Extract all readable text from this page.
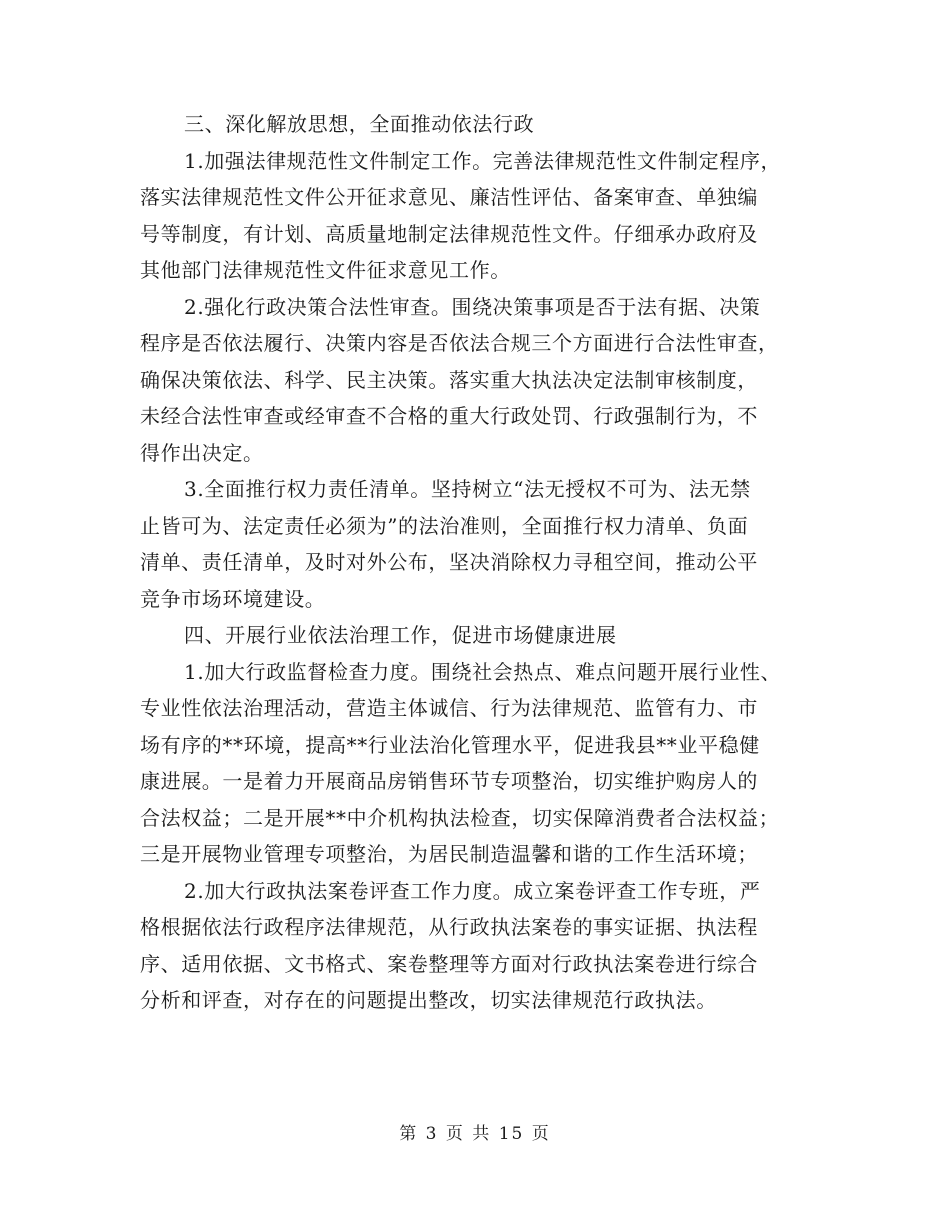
三、深化解放思想，全面推动依法行政
1.加强法律规范性文件制定工作。完善法律规范性文件制定程序，
落实法律规范性文件公开征求意见、廉洁性评估、备案审查、单独编
号等制度，有计划、高质量地制定法律规范性文件。仔细承办政府及
其他部门法律规范性文件征求意见工作。
2.强化行政决策合法性审查。围绕决策事项是否于法有据、决策
程序是否依法履行、决策内容是否依法合规三个方面进行合法性审查，
确保决策依法、科学、民主决策。落实重大执法决定法制审核制度，
未经合法性审查或经审查不合格的重大行政处罚、行政强制行为，不
得作出决定。
3.全面推行权力责任清单。坚持树立“法无授权不可为、法无禁
止皆可为、法定责任必须为”的法治准则，全面推行权力清单、负面
清单、责任清单，及时对外公布，坚决消除权力寻租空间，推动公平
竞争市场环境建设。
四、开展行业依法治理工作，促进市场健康进展
1.加大行政监督检查力度。围绕社会热点、难点问题开展行业性、
专业性依法治理活动，营造主体诚信、行为法律规范、监管有力、市
场有序的**环境，提高**行业法治化管理水平，促进我县**业平稳健
康进展。一是着力开展商品房销售环节专项整治，切实维护购房人的
合法权益；二是开展**中介机构执法检查，切实保障消费者合法权益；
三是开展物业管理专项整治，为居民制造温馨和谐的工作生活环境；
2.加大行政执法案卷评查工作力度。成立案卷评查工作专班，严
格根据依法行政程序法律规范，从行政执法案卷的事实证据、执法程
序、适用依据、文书格式、案卷整理等方面对行政执法案卷进行综合
分析和评查，对存在的问题提出整改，切实法律规范行政执法。
第 3 页 共 15 页
